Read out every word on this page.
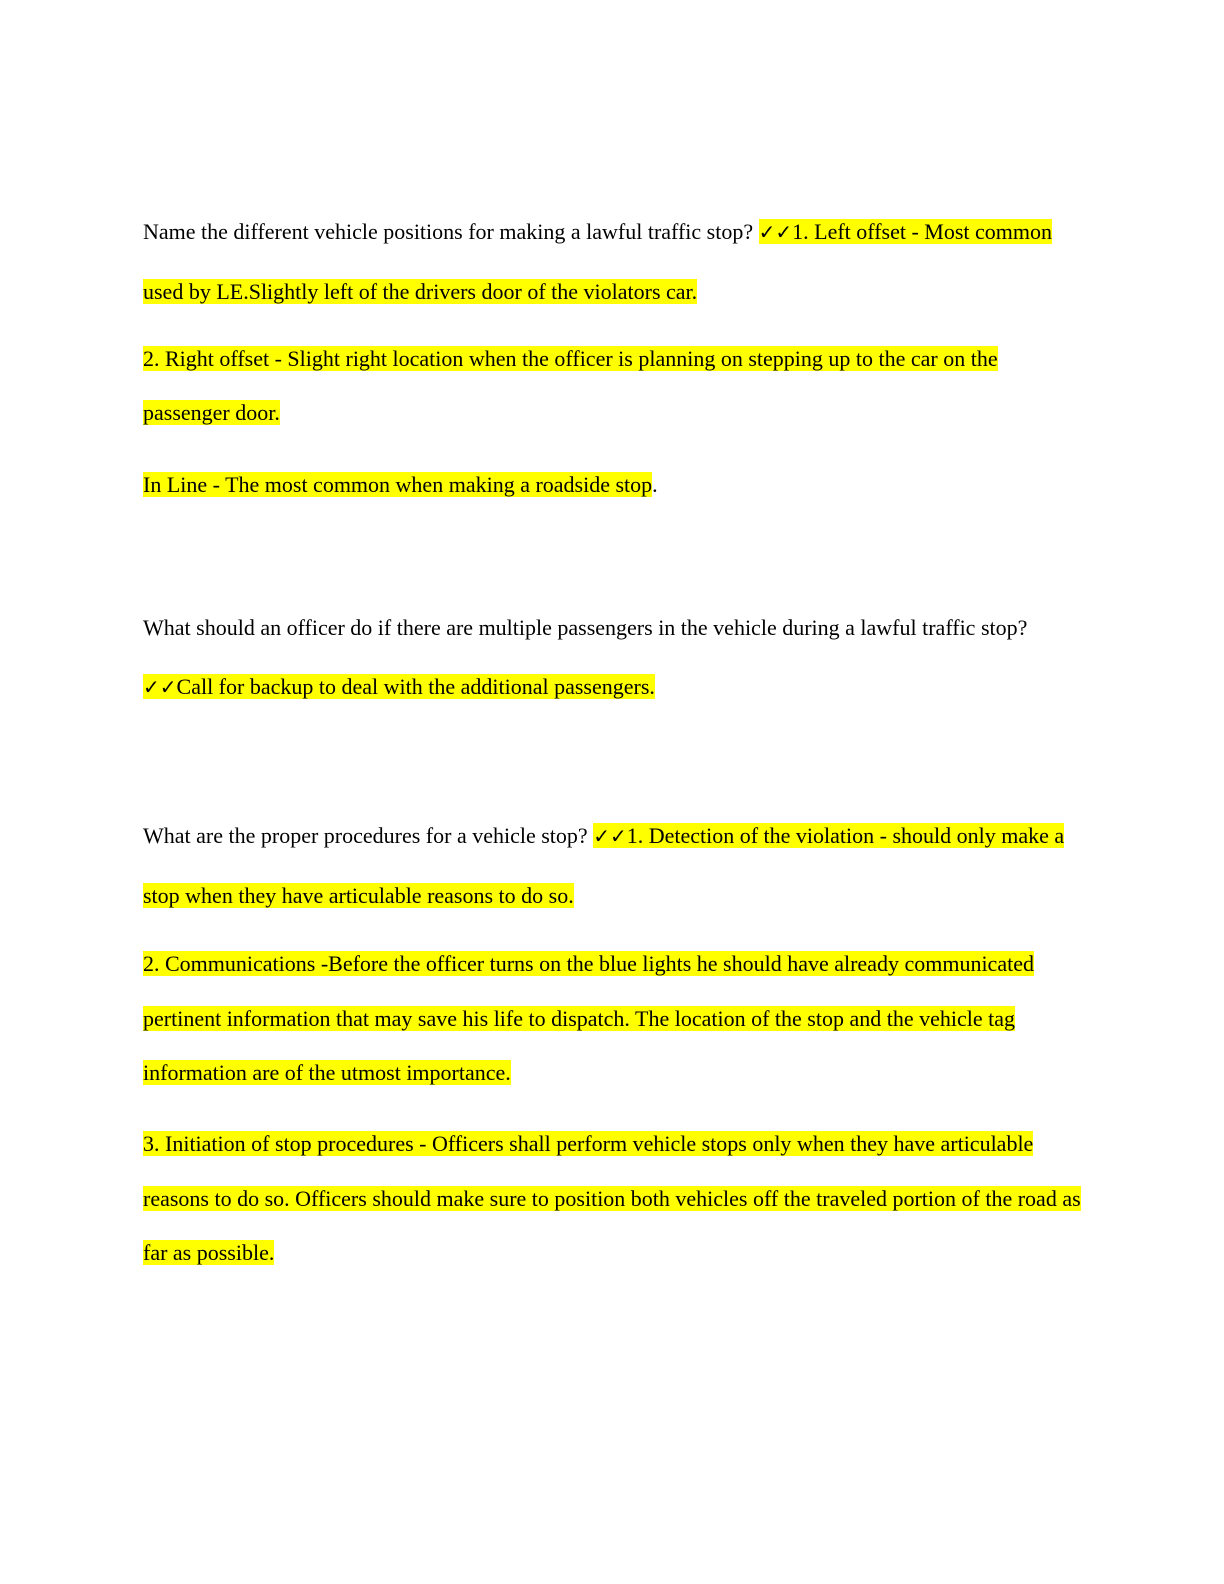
Name the different vehicle positions for making a lawful traffic stop? ✓✓1. Left offset - Most common used by LE.Slightly left of the drivers door of the violators car.

2. Right offset - Slight right location when the officer is planning on stepping up to the car on the passenger door.

In Line - The most common when making a roadside stop.

What should an officer do if there are multiple passengers in the vehicle during a lawful traffic stop? ✓✓Call for backup to deal with the additional passengers.

What are the proper procedures for a vehicle stop? ✓✓1. Detection of the violation - should only make a stop when they have articulable reasons to do so.

2. Communications -Before the officer turns on the blue lights he should have already communicated pertinent information that may save his life to dispatch. The location of the stop and the vehicle tag information are of the utmost importance.

3. Initiation of stop procedures - Officers shall perform vehicle stops only when they have articulable reasons to do so. Officers should make sure to position both vehicles off the traveled portion of the road as far as possible.
